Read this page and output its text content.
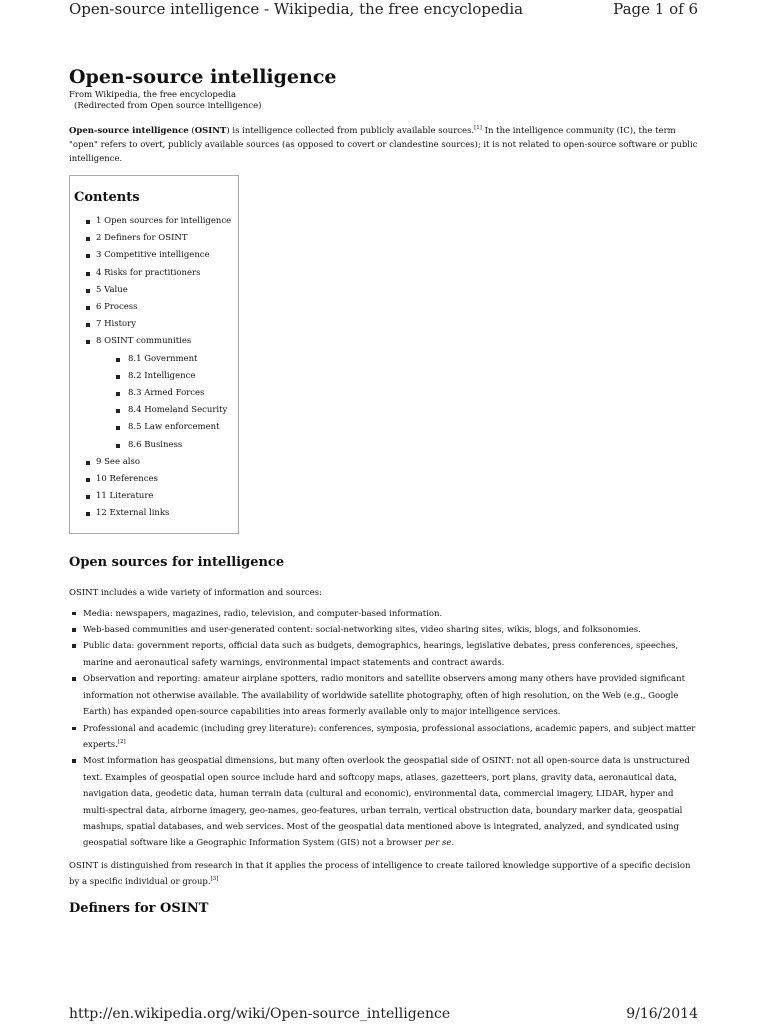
Open-source intelligence - Wikipedia, the free encyclopedia	Page 1 of 6
Open-source intelligence
From Wikipedia, the free encyclopedia
(Redirected from Open source intelligence)

Open-source intelligence (OSINT) is intelligence collected from publicly available sources.[1] In the intelligence community (IC), the term "open" refers to overt, publicly available sources (as opposed to covert or clandestine sources); it is not related to open-source software or public intelligence.

Contents
1 Open sources for intelligence
2 Definers for OSINT
3 Competitive intelligence
4 Risks for practitioners
5 Value
6 Process
7 History
8 OSINT communities
8.1 Government
8.2 Intelligence
8.3 Armed Forces
8.4 Homeland Security
8.5 Law enforcement
8.6 Business
9 See also
10 References
11 Literature
12 External links
Open sources for intelligence

OSINT includes a wide variety of information and sources:

Media: newspapers, magazines, radio, television, and computer-based information.
Web-based communities and user-generated content: social-networking sites, video sharing sites, wikis, blogs, and folksonomies.
Public data: government reports, official data such as budgets, demographics, hearings, legislative debates, press conferences, speeches, marine and aeronautical safety warnings, environmental impact statements and contract awards.
Observation and reporting: amateur airplane spotters, radio monitors and satellite observers among many others have provided significant information not otherwise available. The availability of worldwide satellite photography, often of high resolution, on the Web (e.g., Google Earth) has expanded open-source capabilities into areas formerly available only to major intelligence services.
Professional and academic (including grey literature): conferences, symposia, professional associations, academic papers, and subject matter experts.[2]
Most information has geospatial dimensions, but many often overlook the geospatial side of OSINT: not all open-source data is unstructured text. Examples of geospatial open source include hard and softcopy maps, atlases, gazetteers, port plans, gravity data, aeronautical data, navigation data, geodetic data, human terrain data (cultural and economic), environmental data, commercial imagery, LIDAR, hyper and multi-spectral data, airborne imagery, geo-names, geo-features, urban terrain, vertical obstruction data, boundary marker data, geospatial mashups, spatial databases, and web services. Most of the geospatial data mentioned above is integrated, analyzed, and syndicated using geospatial software like a Geographic Information System (GIS) not a browser per se.

OSINT is distinguished from research in that it applies the process of intelligence to create tailored knowledge supportive of a specific decision by a specific individual or group.[3]

Definers for OSINT
http://en.wikipedia.org/wiki/Open-source_intelligence	9/16/2014
